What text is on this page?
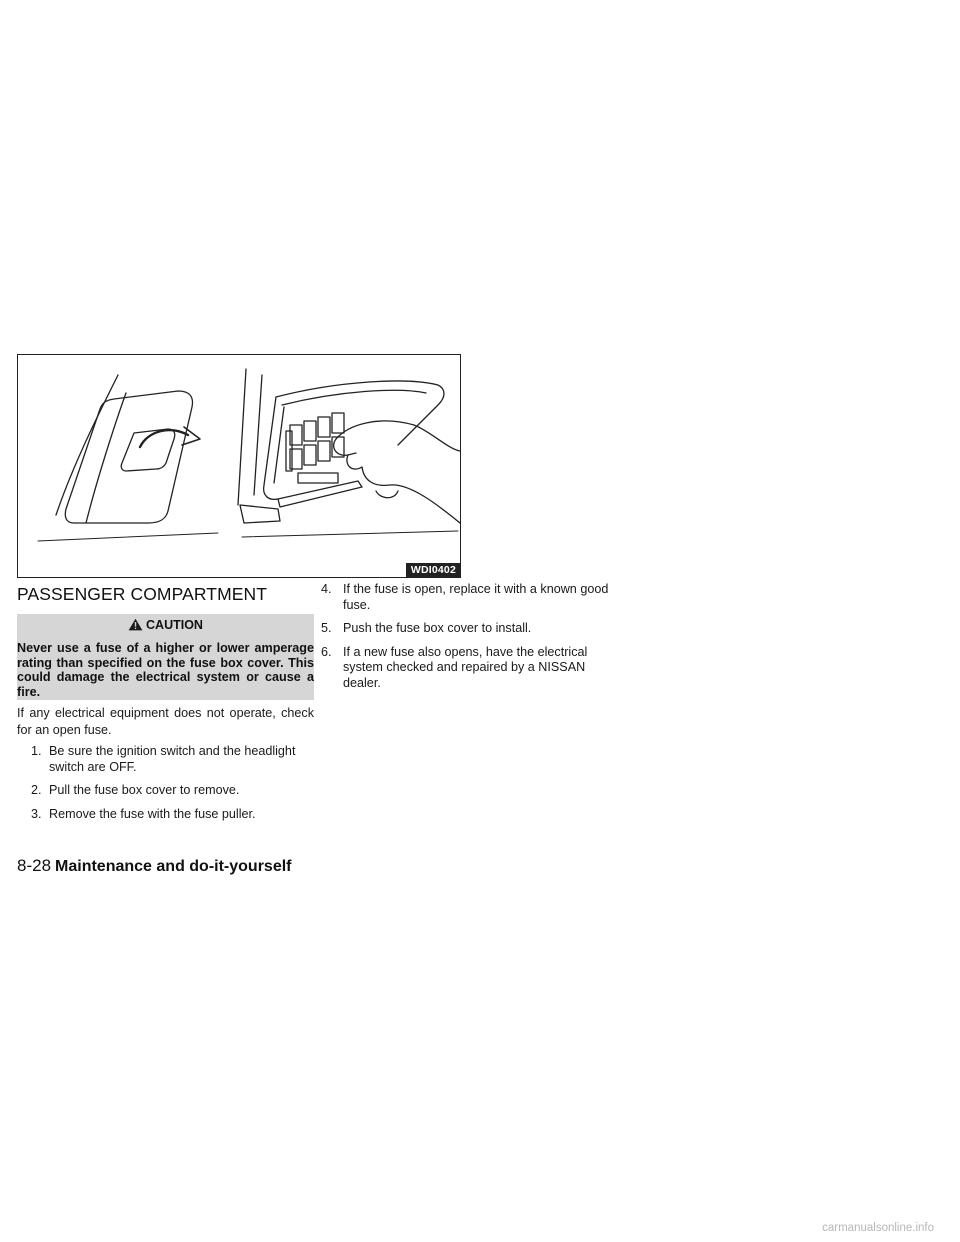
WDI0402
PASSENGER COMPARTMENT
CAUTION
Never use a fuse of a higher or lower amperage rating than specified on the fuse box cover. This could damage the electrical system or cause a fire.

If any electrical equipment does not operate, check for an open fuse.

1. Be sure the ignition switch and the headlight switch are OFF.
2. Pull the fuse box cover to remove.
3. Remove the fuse with the fuse puller.
4. If the fuse is open, replace it with a known good fuse.
5. Push the fuse box cover to install.
6. If a new fuse also opens, have the electrical system checked and repaired by a NISSAN dealer.
8-28 Maintenance and do-it-yourself
carmanualsonline.info
